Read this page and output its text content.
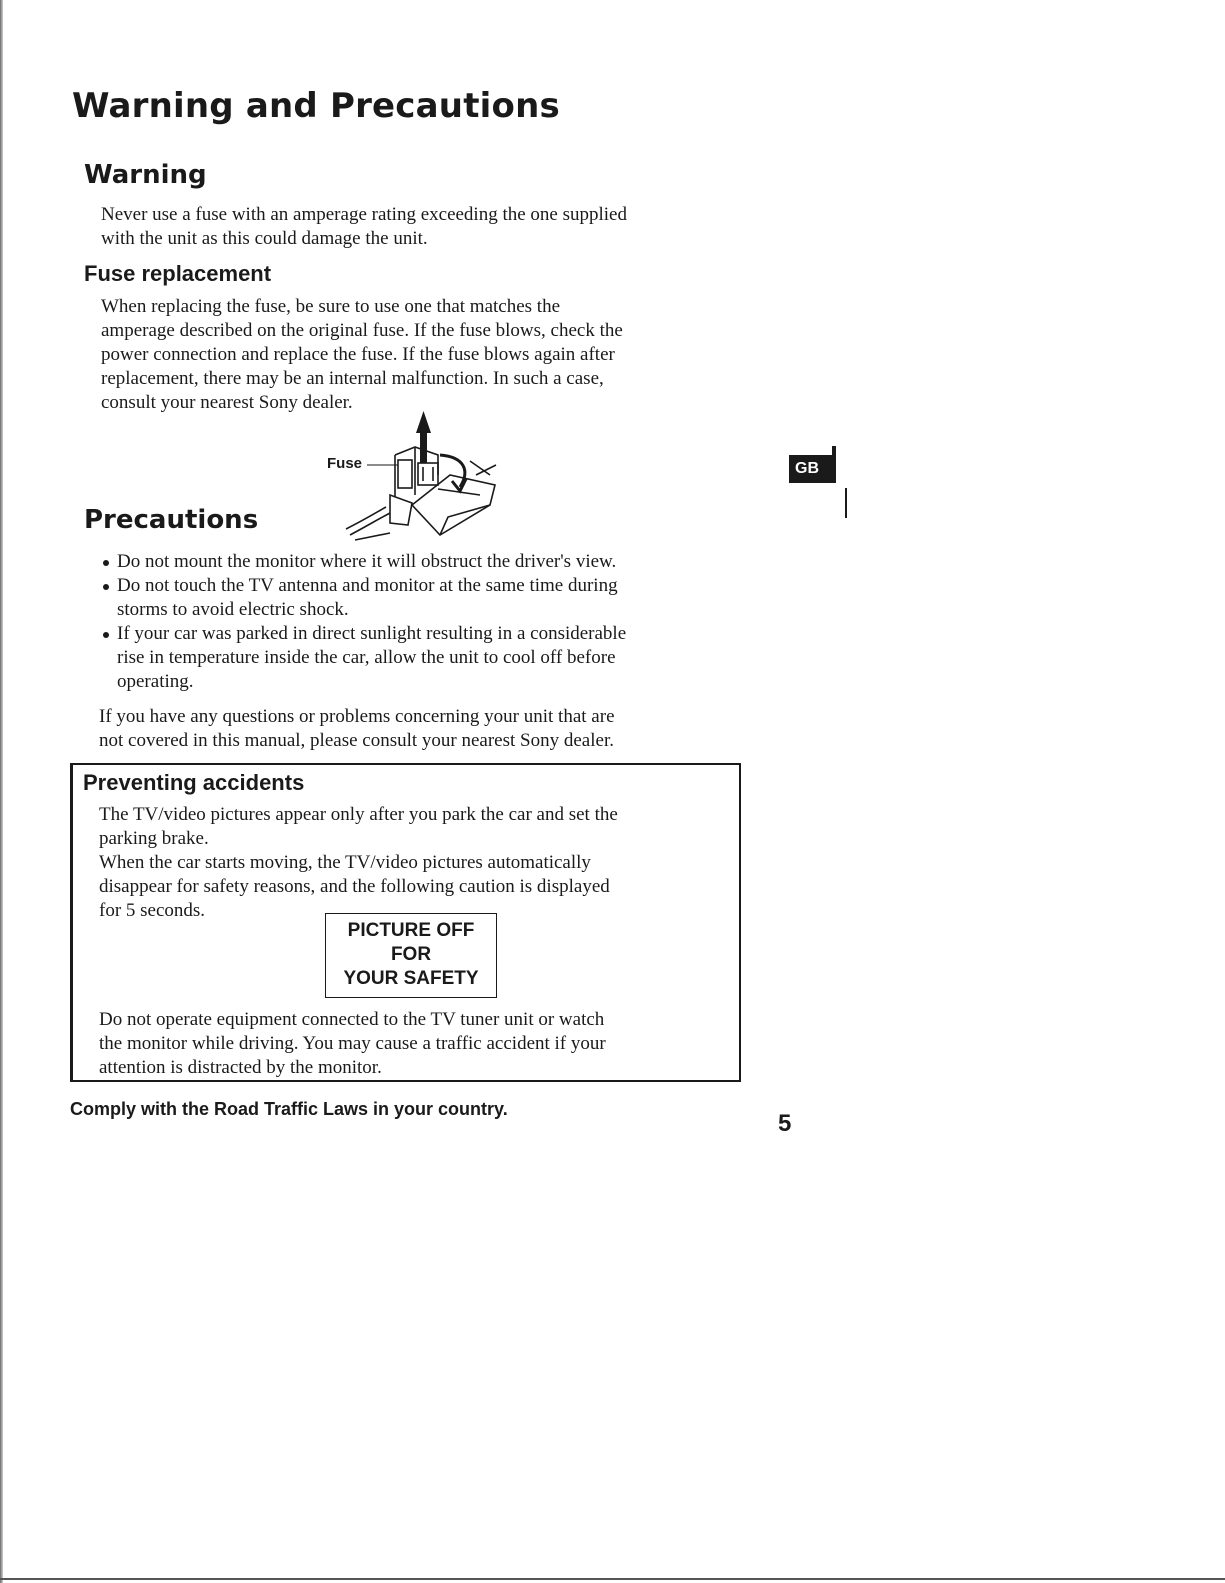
Warning and Precautions
Warning
Never use a fuse with an amperage rating exceeding the one supplied
with the unit as this could damage the unit.
Fuse replacement
When replacing the fuse, be sure to use one that matches the
amperage described on the original fuse. If the fuse blows, check the
power connection and replace the fuse. If the fuse blows again after
replacement, there may be an internal malfunction. In such a case,
consult your nearest Sony dealer.
Fuse
Precautions
Do not mount the monitor where it will obstruct the driver's view.
Do not touch the TV antenna and monitor at the same time during
storms to avoid electric shock.
If your car was parked in direct sunlight resulting in a considerable
rise in temperature inside the car, allow the unit to cool off before
operating.
If you have any questions or problems concerning your unit that are
not covered in this manual, please consult your nearest Sony dealer.
Preventing accidents
The TV/video pictures appear only after you park the car and set the
parking brake.
When the car starts moving, the TV/video pictures automatically
disappear for safety reasons, and the following caution is displayed
for 5 seconds.
PICTURE OFF
FOR
YOUR SAFETY
Do not operate equipment connected to the TV tuner unit or watch
the monitor while driving. You may cause a traffic accident if your
attention is distracted by the monitor.

Comply with the Road Traffic Laws in your country.

GB

5
